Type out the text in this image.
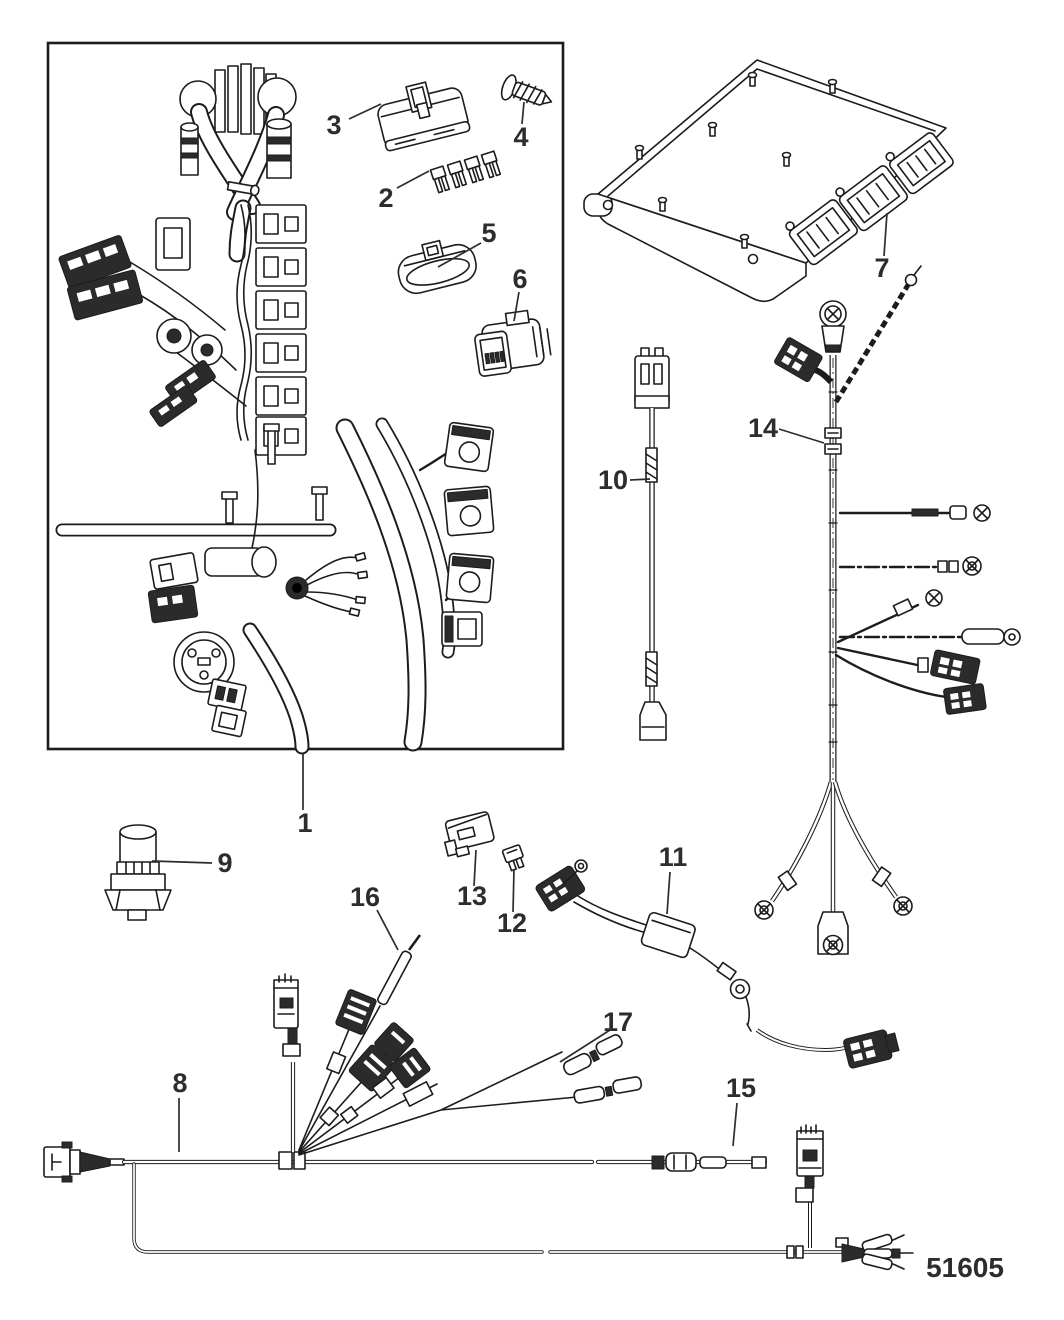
1
2
3	4
5
6	7
8
9
10
11
12
13
14
15
16
17
51605
